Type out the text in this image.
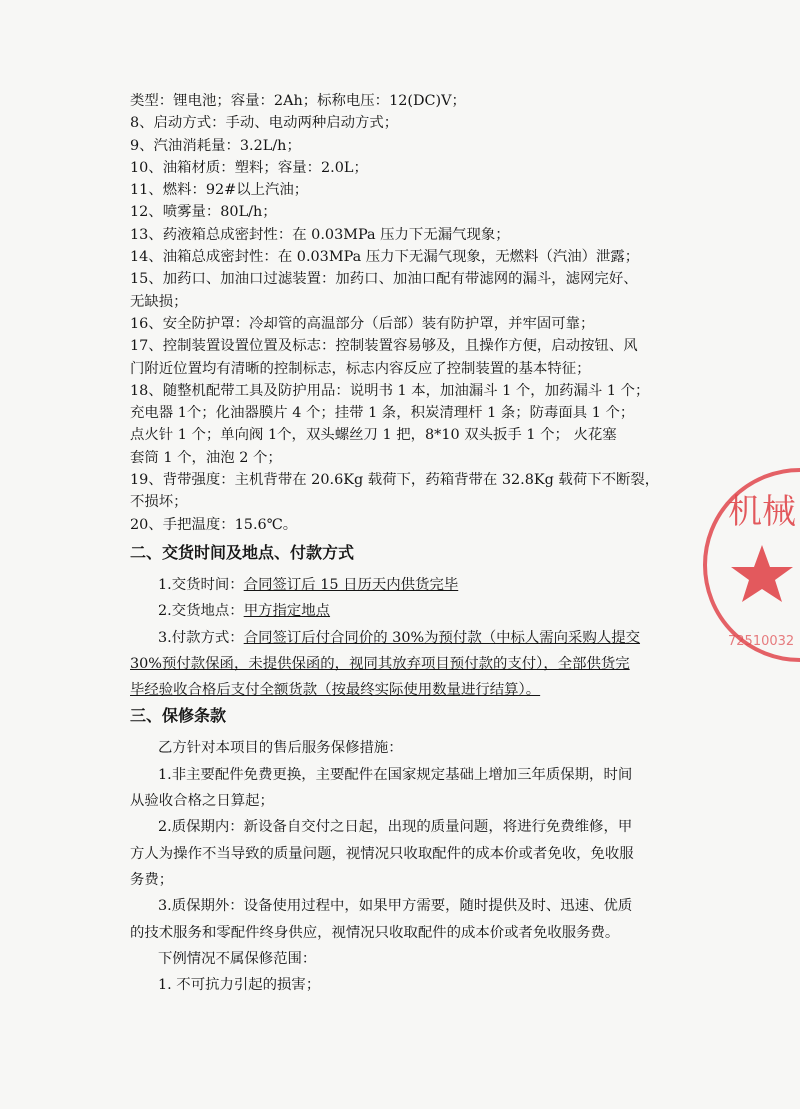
类型：锂电池；容量：2Ah；标称电压：12(DC)V；
8、启动方式：手动、电动两种启动方式；
9、汽油消耗量：3.2L/h；
10、油箱材质：塑料；容量：2.0L；
11、燃料：92#以上汽油；
12、喷雾量：80L/h；
13、药液箱总成密封性：在 0.03MPa 压力下无漏气现象；
14、油箱总成密封性：在 0.03MPa 压力下无漏气现象，无燃料（汽油）泄露；
15、加药口、加油口过滤装置：加药口、加油口配有带滤网的漏斗，滤网完好、
无缺损；
16、安全防护罩：冷却管的高温部分（后部）装有防护罩，并牢固可靠；
17、控制装置设置位置及标志：控制装置容易够及，且操作方便，启动按钮、风
门附近位置均有清晰的控制标志，标志内容反应了控制装置的基本特征；
18、随整机配带工具及防护用品：说明书 1 本，加油漏斗 1 个，加药漏斗 1 个；
充电器 1个；化油器膜片 4 个；挂带 1 条，积炭清理杆 1 条；防毒面具 1 个；
点火针 1 个；单向阀 1个，双头螺丝刀 1 把，8*10 双头扳手 1 个； 火花塞
套筒 1 个，油泡 2 个；
19、背带强度：主机背带在 20.6Kg 载荷下，药箱背带在 32.8Kg 载荷下不断裂，
不损坏；
20、手把温度：15.6℃。
二、交货时间及地点、付款方式
1.交货时间：合同签订后 15 日历天内供货完毕
2.交货地点：甲方指定地点
3.付款方式：合同签订后付合同价的 30%为预付款（中标人需向采购人提交
30%预付款保函，未提供保函的，视同其放弃项目预付款的支付），全部供货完
毕经验收合格后支付全额货款（按最终实际使用数量进行结算）。
三、保修条款
乙方针对本项目的售后服务保修措施：
1.非主要配件免费更换，主要配件在国家规定基础上增加三年质保期，时间
从验收合格之日算起；
2.质保期内：新设备自交付之日起，出现的质量问题，将进行免费维修，甲
方人为操作不当导致的质量问题，视情况只收取配件的成本价或者免收，免收服
务费；
3.质保期外：设备使用过程中，如果甲方需要，随时提供及时、迅速、优质
的技术服务和零配件终身供应，视情况只收取配件的成本价或者免收服务费。
下例情况不属保修范围：
1. 不可抗力引起的损害；
机械
72510032
